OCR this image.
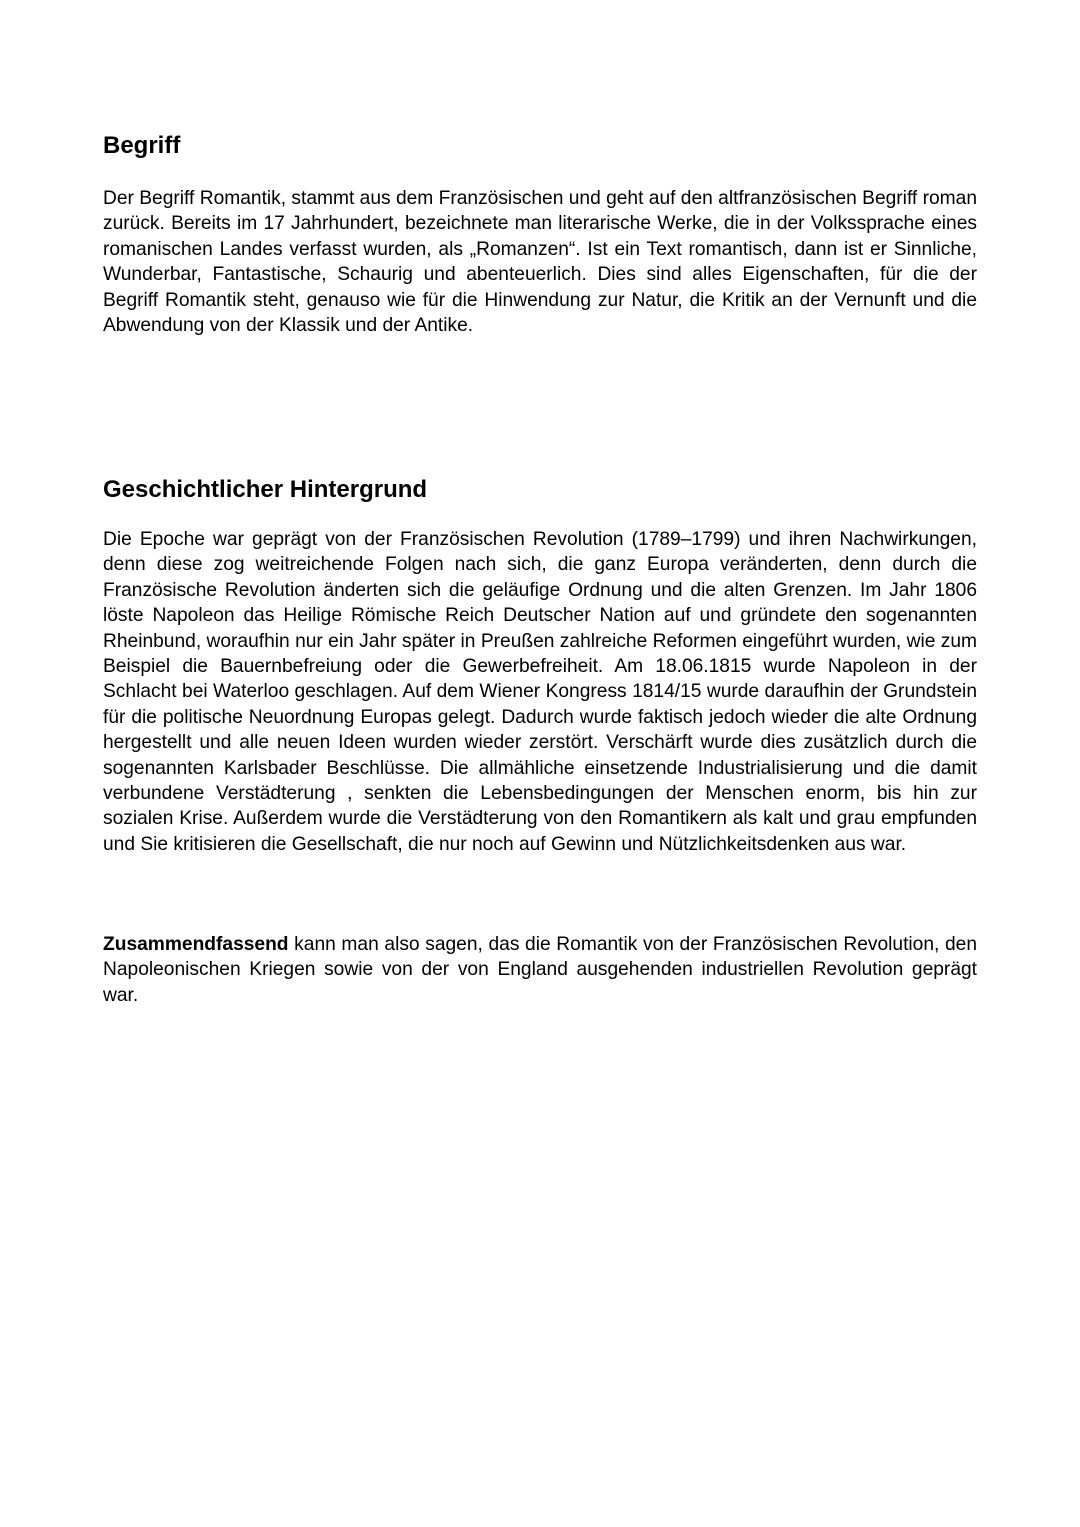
Begriff

Der Begriff Romantik, stammt aus dem Französischen und geht auf den altfranzösischen Begriff roman zurück. Bereits im 17 Jahrhundert, bezeichnete man literarische Werke, die in der Volkssprache eines romanischen Landes verfasst wurden, als „Romanzen“. Ist ein Text romantisch, dann ist er Sinnliche, Wunderbar, Fantastische, Schaurig und abenteuerlich. Dies sind alles Eigenschaften, für die der Begriff Romantik steht, genauso wie für die Hinwendung zur Natur, die Kritik an der Vernunft und die Abwendung von der Klassik und der Antike.

Geschichtlicher Hintergrund

Die Epoche war geprägt von der Französischen Revolution (1789–1799) und ihren Nachwirkungen, denn diese zog weitreichende Folgen nach sich, die ganz Europa veränderten, denn durch die Französische Revolution änderten sich die geläufige Ordnung und die alten Grenzen. Im Jahr 1806 löste Napoleon das Heilige Römische Reich Deutscher Nation auf und gründete den sogenannten Rheinbund, woraufhin nur ein Jahr später in Preußen zahlreiche Reformen eingeführt wurden, wie zum Beispiel die Bauernbefreiung oder die Gewerbefreiheit. Am 18.06.1815 wurde Napoleon in der Schlacht bei Waterloo geschlagen. Auf dem Wiener Kongress 1814/15 wurde daraufhin der Grundstein für die politische Neuordnung Europas gelegt. Dadurch wurde faktisch jedoch wieder die alte Ordnung hergestellt und alle neuen Ideen wurden wieder zerstört. Verschärft wurde dies zusätzlich durch die sogenannten Karlsbader Beschlüsse. Die allmähliche einsetzende Industrialisierung und die damit verbundene Verstädterung , senkten die Lebensbedingungen der Menschen enorm, bis hin zur sozialen Krise. Außerdem wurde die Verstädterung von den Romantikern als kalt und grau empfunden und Sie kritisieren die Gesellschaft, die nur noch auf Gewinn und Nützlichkeitsdenken aus war.

Zusammendfassend kann man also sagen, das die Romantik von der Französischen Revolution, den Napoleonischen Kriegen sowie von der von England ausgehenden industriellen Revolution geprägt war.
